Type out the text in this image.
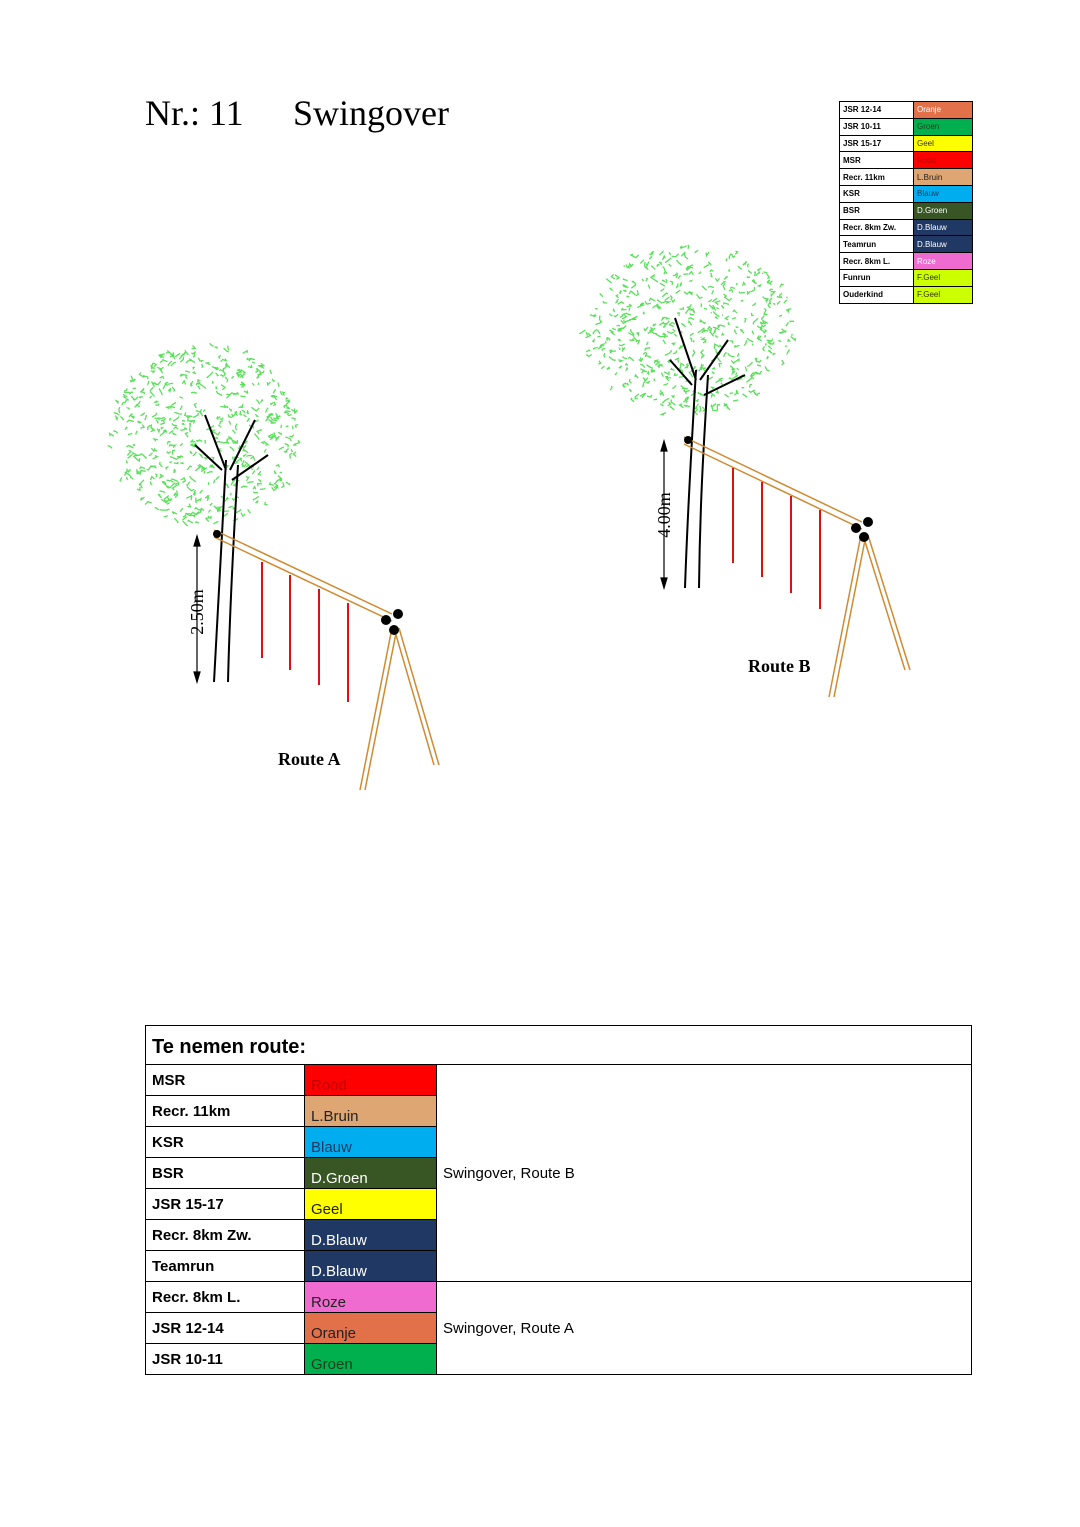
Nr.: 11 Swingover	JSR 12-14	Oranje
JSR 10-11	Groen
JSR 15-17	Geel
MSR	Rood
Recr. 11km	L.Bruin
KSR	Blauw
BSR	D.Groen
Recr. 8km Zw.	D.Blauw
Teamrun	D.Blauw
Recr. 8km L.	Roze
Funrun	F.Geel
Ouderkind	F.Geel
2.50m
Route A
4.00m
Route B
Te nemen route:		
MSR	Rood	Swingover, Route B
Recr. 11km	L.Bruin	
KSR	Blauw	
BSR	D.Groen	
JSR 15-17	Geel	
Recr. 8km Zw.	D.Blauw	
Teamrun	D.Blauw	
Recr. 8km L.	Roze	Swingover, Route A
JSR 12-14	Oranje	
JSR 10-11	Groen	
